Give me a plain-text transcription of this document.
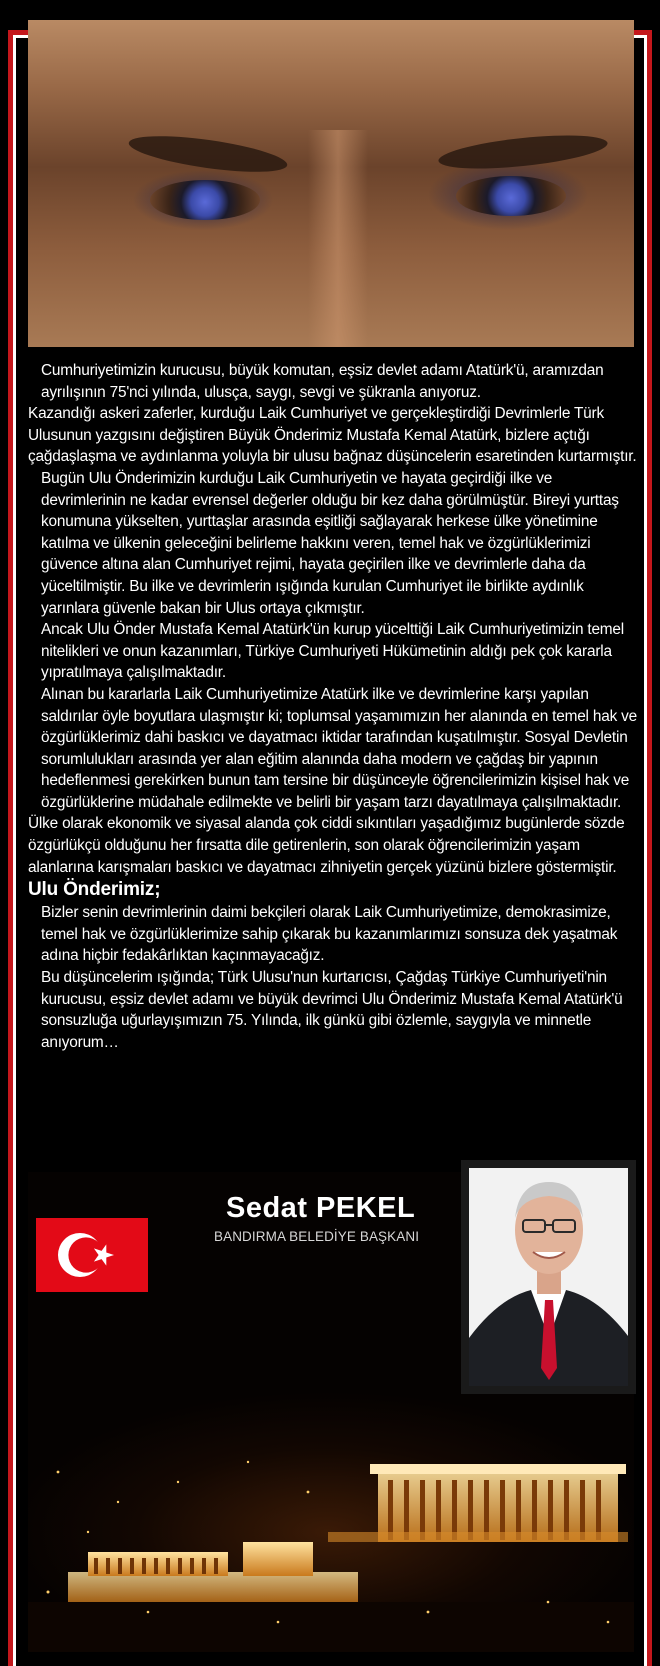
Cumhuriyetimizin kurucusu, büyük komutan, eşsiz devlet adamı Atatürk'ü, aramızdan ayrılışının 75'nci yılında, ulusça, saygı, sevgi ve şükranla anıyoruz.

Kazandığı askeri zaferler, kurduğu Laik Cumhuriyet ve gerçekleştirdiği Devrimlerle Türk Ulusunun yazgısını değiştiren Büyük Önderimiz Mustafa Kemal Atatürk, bizlere açtığı çağdaşlaşma ve aydınlanma yoluyla bir ulusu bağnaz düşüncelerin esaretinden kurtarmıştır.

Bugün Ulu Önderimizin kurduğu Laik Cumhuriyetin ve hayata geçirdiği ilke ve devrimlerinin ne kadar evrensel değerler olduğu bir kez daha görülmüştür. Bireyi yurttaş konumuna yükselten, yurttaşlar arasında eşitliği sağlayarak herkese ülke yönetimine katılma ve ülkenin geleceğini belirleme hakkını veren, temel hak ve özgürlüklerimizi güvence altına alan Cumhuriyet rejimi, hayata geçirilen ilke ve devrimlerle daha da yüceltilmiştir. Bu ilke ve devrimlerin ışığında kurulan Cumhuriyet ile birlikte aydınlık yarınlara güvenle bakan bir Ulus ortaya çıkmıştır.

Ancak Ulu Önder Mustafa Kemal Atatürk'ün kurup yücelttiği Laik Cumhuriyetimizin temel nitelikleri ve onun kazanımları, Türkiye Cumhuriyeti Hükümetinin aldığı pek çok kararla yıpratılmaya çalışılmaktadır.

Alınan bu kararlarla Laik Cumhuriyetimize Atatürk ilke ve devrimlerine karşı yapılan saldırılar öyle boyutlara ulaşmıştır ki; toplumsal yaşamımızın her alanında en temel hak ve özgürlüklerimiz dahi baskıcı ve dayatmacı iktidar tarafından kuşatılmıştır. Sosyal Devletin sorumlulukları arasında yer alan eğitim alanında daha modern ve çağdaş bir yapının hedeflenmesi gerekirken bunun tam tersine bir düşünceyle öğrencilerimizin kişisel hak ve özgürlüklerine müdahale edilmekte ve belirli bir yaşam tarzı dayatılmaya çalışılmaktadır.

Ülke olarak ekonomik ve siyasal alanda çok ciddi sıkıntıları yaşadığımız bugünlerde sözde özgürlükçü olduğunu her fırsatta dile getirenlerin, son olarak öğrencilerimizin yaşam alanlarına karışmaları baskıcı ve dayatmacı zihniyetin gerçek yüzünü bizlere göstermiştir.

Ulu Önderimiz;

Bizler senin devrimlerinin daimi bekçileri olarak Laik Cumhuriyetimize, demokrasimize, temel hak ve özgürlüklerimize sahip çıkarak bu kazanımlarımızı sonsuza dek yaşatmak adına hiçbir fedakârlıktan kaçınmayacağız.

Bu düşüncelerim ışığında; Türk Ulusu'nun kurtarıcısı, Çağdaş Türkiye Cumhuriyeti'nin kurucusu, eşsiz devlet adamı ve büyük devrimci Ulu Önderimiz Mustafa Kemal Atatürk'ü sonsuzluğa uğurlayışımızın 75. Yılında, ilk günkü gibi özlemle, saygıyla ve minnetle anıyorum…

Sedat PEKEL
BANDIRMA BELEDİYE BAŞKANI
